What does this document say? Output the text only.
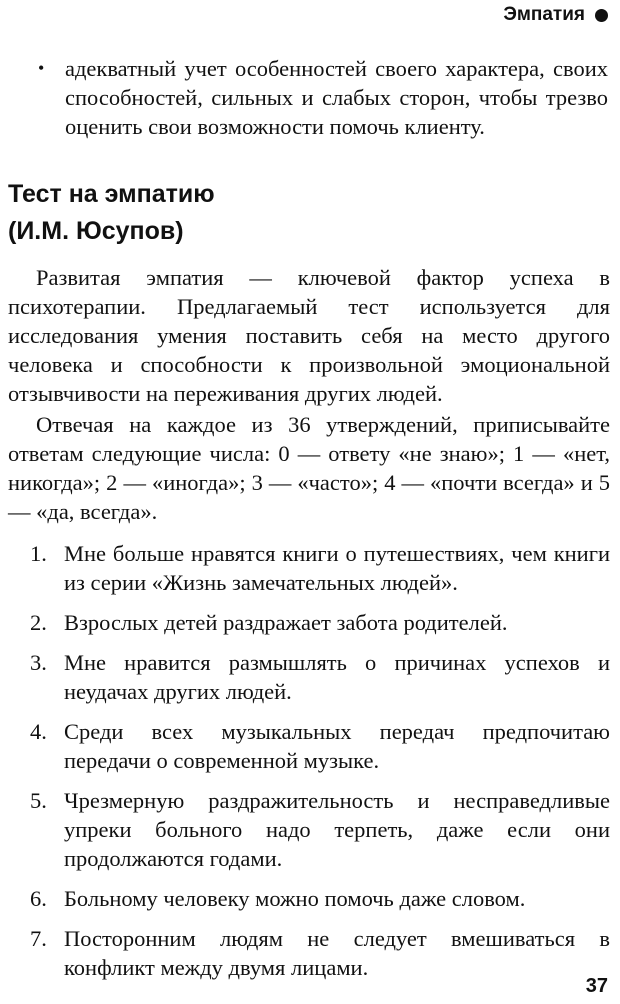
Эмпатия
• адекватный учет особенностей своего характера, своих способностей, сильных и слабых сторон, чтобы трезво оценить свои возможности помочь клиенту.
Тест на эмпатию
(И.М. Юсупов)

Развитая эмпатия — ключевой фактор успеха в психотерапии. Предлагаемый тест используется для исследования умения поставить себя на место другого человека и способности к произвольной эмоциональной отзывчивости на переживания других людей.

Отвечая на каждое из 36 утверждений, приписывайте ответам следующие числа: 0 — ответу «не знаю»; 1 — «нет, никогда»; 2 — «иногда»; 3 — «часто»; 4 — «почти всегда» и 5 — «да, всегда».

1. Мне больше нравятся книги о путешествиях, чем книги из серии «Жизнь замечательных людей».
2. Взрослых детей раздражает забота родителей.
3. Мне нравится размышлять о причинах успехов и неудачах других людей.
4. Среди всех музыкальных передач предпочитаю передачи о современной музыке.
5. Чрезмерную раздражительность и несправедливые упреки больного надо терпеть, даже если они продолжаются годами.
6. Больному человеку можно помочь даже словом.
7. Посторонним людям не следует вмешиваться в конфликт между двумя лицами.
37
